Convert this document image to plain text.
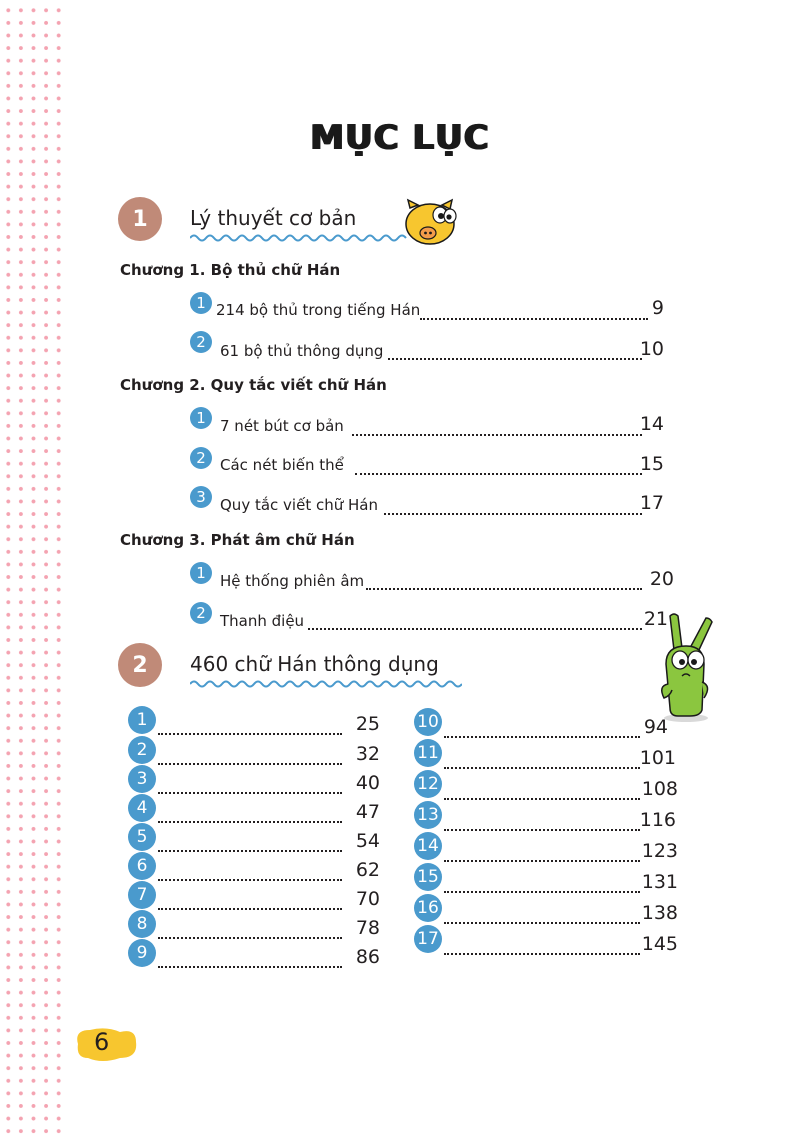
MỤC LỤC
1	Lý thuyết cơ bản
Chương 1. Bộ thủ chữ Hán
1 214 bộ thủ trong tiếng Hán	9
2 61 bộ thủ thông dụng	10
Chương 2. Quy tắc viết chữ Hán
1 7 nét bút cơ bản	14
2 Các nét biến thể	15
3 Quy tắc viết chữ Hán	17
Chương 3. Phát âm chữ Hán
1 Hệ thống phiên âm	20
2 Thanh điệu	21
2	460 chữ Hán thông dụng
1	25
2	32
3	40
4	47
5	54
6	62
7	70
8	78
9	86
10	94
11	101
12	108
13	116
14	123
15	131
16	138
17	145
6
